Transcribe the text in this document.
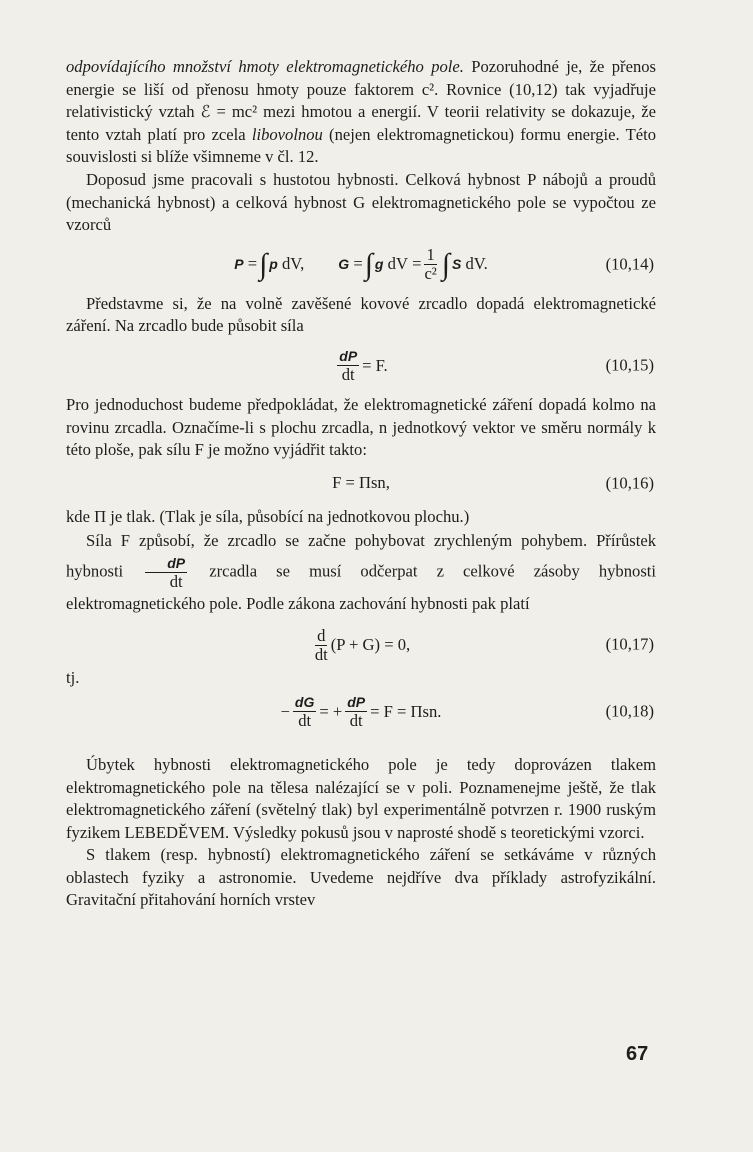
odpovídajícího množství hmoty elektromagnetického pole. Pozoruhodné je, že přenos energie se liší od přenosu hmoty pouze faktorem c². Rovnice (10,12) tak vyjadřuje relativistický vztah ℰ = mc² mezi hmotou a energií. V teorii relativity se dokazuje, že tento vztah platí pro zcela libovolnou (nejen elektromagnetickou) formu energie. Této souvislosti si blíže všimneme v čl. 12.

Doposud jsme pracovali s hustotou hybnosti. Celková hybnost P nábojů a proudů (mechanická hybnost) a celková hybnost G elektromagnetického pole se vypočtou ze vzorců

P
= ∫ p
dV, G = ∫ g
dV
= $\frac{1}{\text{c²}}$ ∫ S
dV.	(10,14)

Představme si, že na volně zavěšené kovové zrcadlo dopadá elektromagnetické záření. Na zrcadlo bude působit síla

$\frac{dP}{dt} = F$.	(10,15)

Pro jednoduchost budeme předpokládat, že elektromagnetické záření dopadá kolmo na rovinu zrcadla. Označíme-li s plochu zrcadla, n jednotkový vektor ve směru normály k této ploše, pak sílu F je možno vyjádřit takto:

F = Πsn,	(10,16)

kde Π je tlak. (Tlak je síla, působící na jednotkovou plochu.)

Síla F způsobí, že zrcadlo se začne pohybovat zrychleným pohybem. Přírůstek hybnosti $\frac{dP}{dt}$ zrcadla se musí odčerpat z celkové zásoby hybnosti elektromagnetického pole. Podle zákona zachování hybnosti pak platí

$\frac{d}{dt} (P + G) = 0$,	(10,17)

tj.

− $\frac{dG}{dt}$ = + $\frac{dP}{dt} = F = \Pi sn$.	(10,18)

Úbytek hybnosti elektromagnetického pole je tedy doprovázen tlakem elektromagnetického pole na tělesa nalézající se v poli. Poznamenejme ještě, že tlak elektromagnetického záření (světelný tlak) byl experimentálně potvrzen r. 1900 ruským fyzikem LEBEDĚVEM. Výsledky pokusů jsou v naprosté shodě s teoretickými vzorci.

S tlakem (resp. hybností) elektromagnetického záření se setkáváme v různých oblastech fyziky a astronomie. Uvedeme nejdříve dva příklady astrofyzikální. Gravitační přitahování horních vrstev

67
